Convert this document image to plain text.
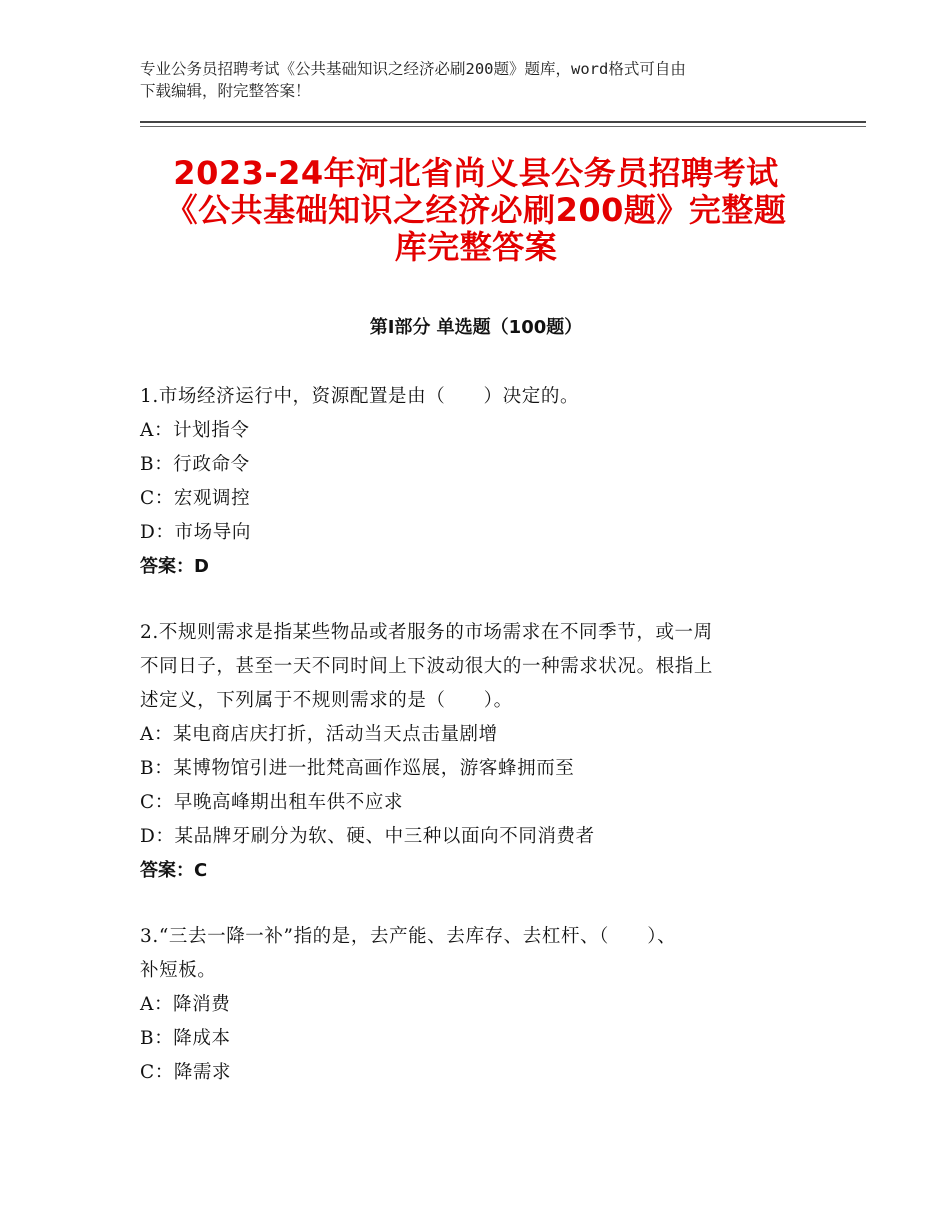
专业公务员招聘考试《公共基础知识之经济必刷200题》题库，word格式可自由
下载编辑，附完整答案！
2023-24年河北省尚义县公务员招聘考试
《公共基础知识之经济必刷200题》完整题
库完整答案
第Ⅰ部分 单选题（100题）
1.市场经济运行中，资源配置是由（　　）决定的。
A：计划指令
B：行政命令
C：宏观调控
D：市场导向
答案：D
2.不规则需求是指某些物品或者服务的市场需求在不同季节，或一周
不同日子，甚至一天不同时间上下波动很大的一种需求状况。根指上
述定义，下列属于不规则需求的是（　　）。
A：某电商店庆打折，活动当天点击量剧增
B：某博物馆引进一批梵高画作巡展，游客蜂拥而至
C：早晚高峰期出租车供不应求
D：某品牌牙刷分为软、硬、中三种以面向不同消费者
答案：C
3.“三去一降一补”指的是，去产能、去库存、去杠杆、（　　）、
补短板。
A：降消费
B：降成本
C：降需求
